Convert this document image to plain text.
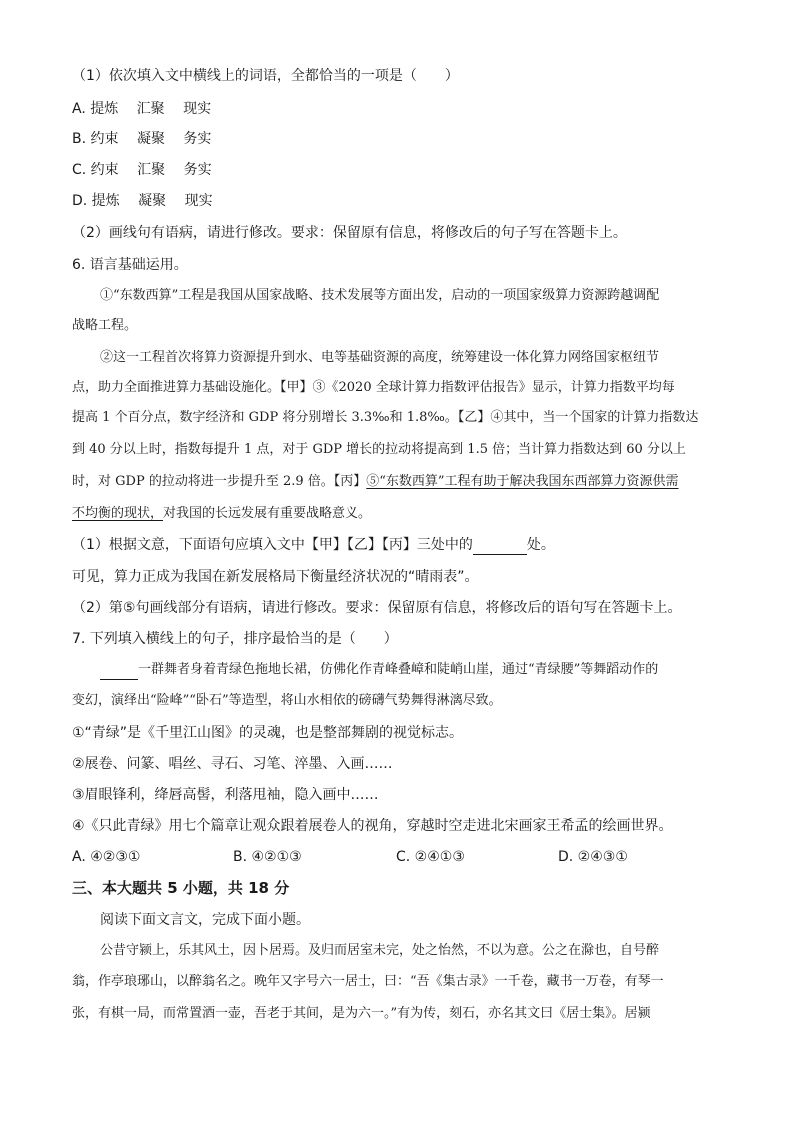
（1）依次填入文中横线上的词语，全都恰当的一项是（　　）
A. 提炼　 汇聚　 现实
B. 约束　 凝聚　 务实
C. 约束　 汇聚　 务实
D. 提炼　 凝聚　 现实
（2）画线句有语病，请进行修改。要求：保留原有信息，将修改后的句子写在答题卡上。
6. 语言基础运用。
①“东数西算”工程是我国从国家战略、技术发展等方面出发，启动的一项国家级算力资源跨越调配
战略工程。
②这一工程首次将算力资源提升到水、电等基础资源的高度，统筹建设一体化算力网络国家枢纽节
点，助力全面推进算力基础设施化。【甲】③《2020 全球计算力指数评估报告》显示，计算力指数平均每
提高 1 个百分点，数字经济和 GDP 将分别增长 3.3‰和 1.8‰。【乙】④其中，当一个国家的计算力指数达
到 40 分以上时，指数每提升 1 点，对于 GDP 增长的拉动将提高到 1.5 倍；当计算力指数达到 60 分以上
时，对 GDP 的拉动将进一步提升至 2.9 倍。【丙】⑤“东数西算”工程有助于解决我国东西部算力资源供需
不均衡的现状，对我国的长远发展有重要战略意义。
（1）根据文意，下面语句应填入文中【甲】【乙】【丙】三处中的	处。
可见，算力正成为我国在新发展格局下衡量经济状况的“晴雨表”。
（2）第⑤句画线部分有语病，请进行修改。要求：保留原有信息，将修改后的语句写在答题卡上。
7. 下列填入横线上的句子，排序最恰当的是（　　）
一群舞者身着青绿色拖地长裙，仿佛化作青峰叠嶂和陡峭山崖，通过“青绿腰”等舞蹈动作的
变幻，演绎出“险峰”“卧石”等造型，将山水相依的磅礴气势舞得淋漓尽致。
①“青绿”是《千里江山图》的灵魂，也是整部舞剧的视觉标志。
②展卷、问篆、唱丝、寻石、习笔、淬墨、入画……
③眉眼锋利，绛唇高髻，利落甩袖，隐入画中……
④《只此青绿》用七个篇章让观众跟着展卷人的视角，穿越时空走进北宋画家王希孟的绘画世界。
A. ④②③①	B. ④②①③	C. ②④①③	D. ②④③①
三、本大题共 5 小题，共 18 分
阅读下面文言文，完成下面小题。
公昔守颍上，乐其风土，因卜居焉。及归而居室未完，处之怡然，不以为意。公之在滁也，自号醉
翁，作亭琅琊山，以醉翁名之。晚年又字号六一居士，曰：“吾《集古录》一千卷，藏书一万卷，有琴一
张，有棋一局，而常置酒一壶，吾老于其间，是为六一。”有为传，刻石，亦名其文曰《居士集》。居颍
